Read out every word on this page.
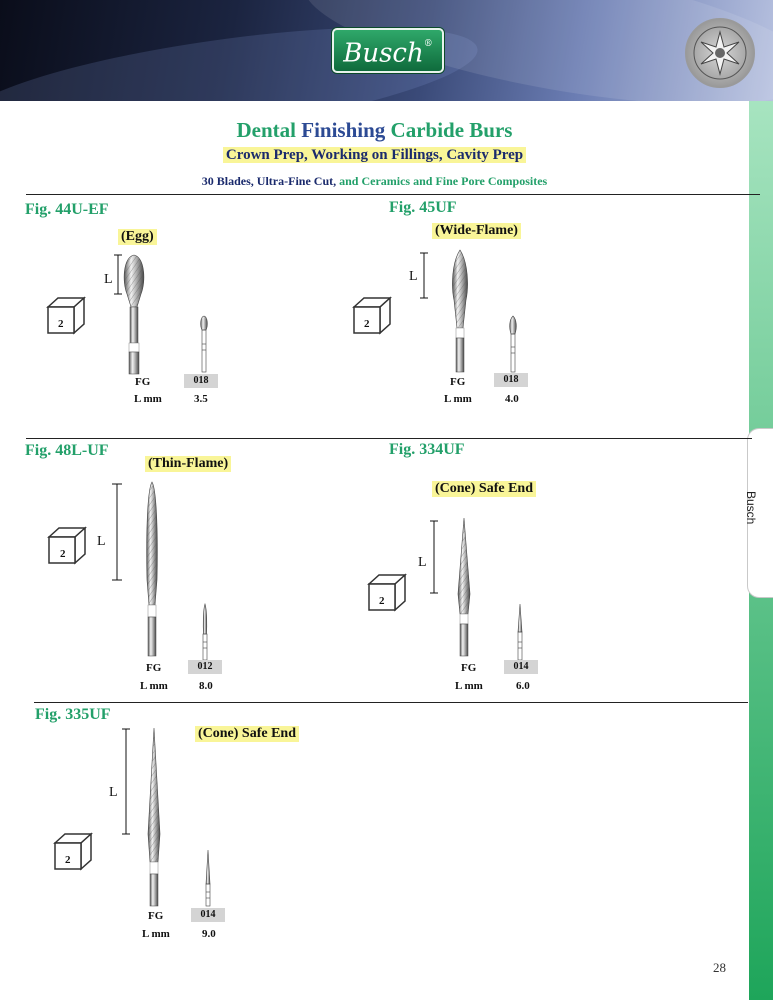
Busch®
Busch
Dental Finishing Carbide Burs
Crown Prep, Working on Fillings, Cavity Prep
30 Blades, Ultra-Fine Cut, and Ceramics and Fine Pore Composites
Fig. 44U-EF
(Egg)
L
2
FG	018
L mm	3.5
Fig. 45UF
(Wide-Flame)
L
2
FG	018
L mm	4.0
Fig. 48L-UF
(Thin-Flame)
L
2
FG	012
L mm	8.0
Fig. 334UF
(Cone) Safe End
L
2
FG	014
L mm	6.0
Fig. 335UF
(Cone) Safe End
L
2
FG	014
L mm	9.0
28
